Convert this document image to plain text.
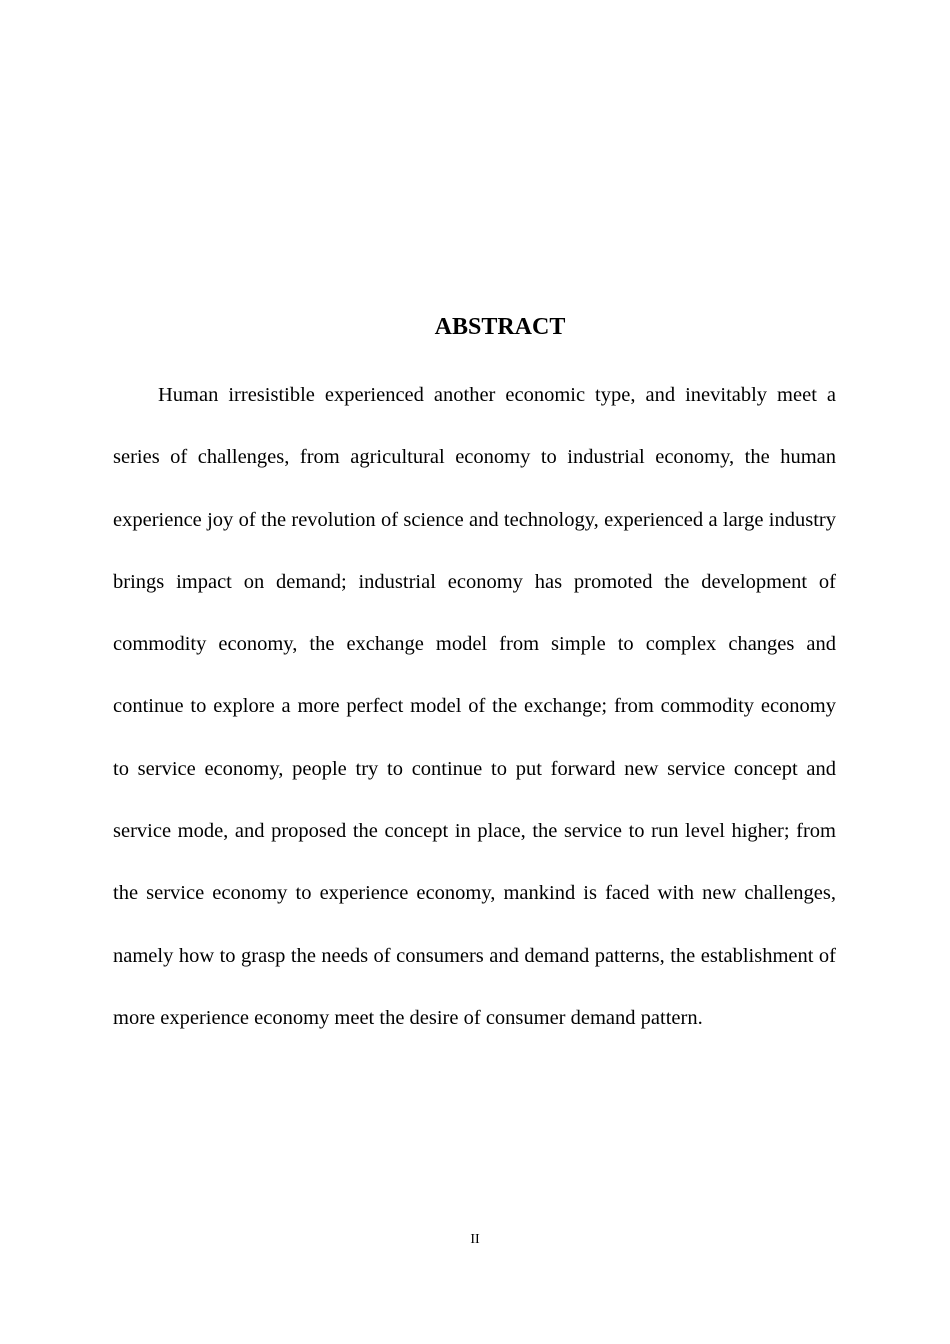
ABSTRACT

Human irresistible experienced another economic type, and inevitably meet a series of challenges, from agricultural economy to industrial economy, the human experience joy of the revolution of science and technology, experienced a large industry brings impact on demand; industrial economy has promoted the development of commodity economy, the exchange model from simple to complex changes and continue to explore a more perfect model of the exchange; from commodity economy to service economy, people try to continue to put forward new service concept and service mode, and proposed the concept in place, the service to run level higher; from the service economy to experience economy, mankind is faced with new challenges, namely how to grasp the needs of consumers and demand patterns, the establishment of more experience economy meet the desire of consumer demand pattern.

II
